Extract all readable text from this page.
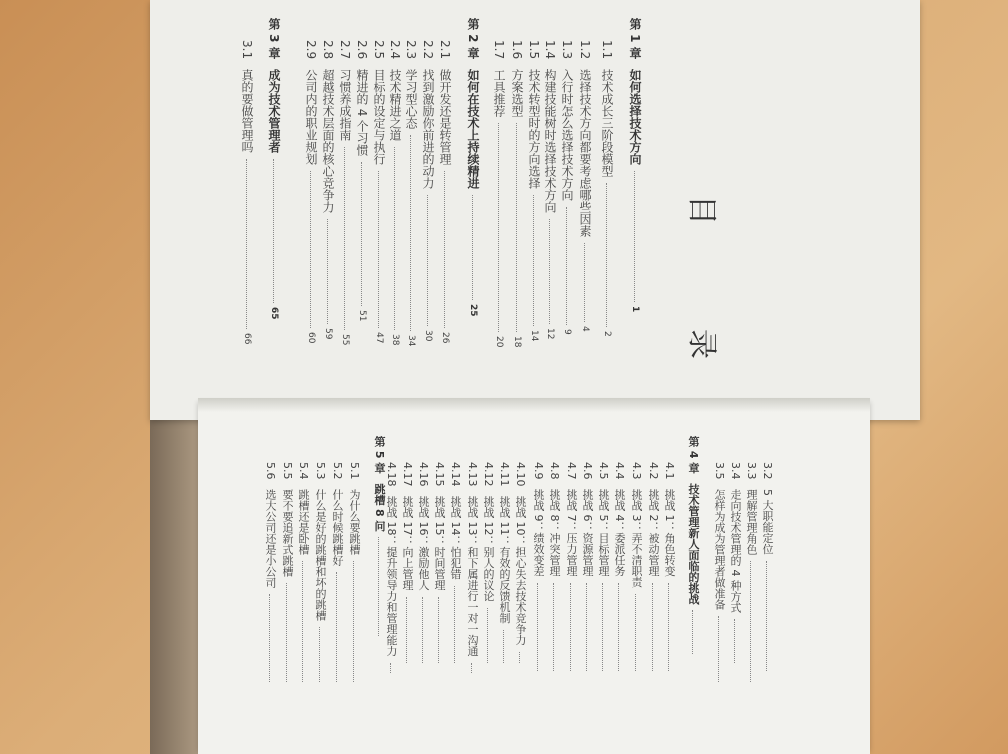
目
录
第 1 章 如何选择技术方向1
1.1 技术成长三阶段模型2
1.2 选择技术方向都要考虑哪些因素4
1.3 入行时怎么选择技术方向9
1.4 构建技能树时选择技术方向12
1.5 技术转型时的方向选择14
1.6 方案选型18
1.7 工具推荐20
第 2 章 如何在技术上持续精进25
2.1 做开发还是转管理26
2.2 找到激励你前进的动力30
2.3 学习型心态34
2.4 技术精进之道38
2.5 目标的设定与执行47
2.6 精进的 4 个习惯51
2.7 习惯养成指南55
2.8 超越技术层面的核心竞争力59
2.9 公司内的职业规划60
第 3 章 成为技术管理者65
3.1 真的要做管理吗66
3.2 5 大职能定位
3.3 理解管理角色
3.4 走向技术管理的 4 种方式
3.5 怎样为成为管理者做准备
第 4 章 技术管理新人面临的挑战
4.1 挑战 1：角色转变
4.2 挑战 2：被动管理
4.3 挑战 3：弄不清职责
4.4 挑战 4：委派任务
4.5 挑战 5：目标管理
4.6 挑战 6：资源管理
4.7 挑战 7：压力管理
4.8 挑战 8：冲突管理
4.9 挑战 9：绩效变差
4.10 挑战 10：担心失去技术竞争力
4.11 挑战 11：有效的反馈机制
4.12 挑战 12：别人的议论
4.13 挑战 13：和下属进行一对一沟通
4.14 挑战 14：怕犯错
4.15 挑战 15：时间管理
4.16 挑战 16：激励他人
4.17 挑战 17：向上管理
4.18 挑战 18：提升领导力和管理能力
第 5 章 跳槽 8 问
5.1 为什么要跳槽
5.2 什么时候跳槽好
5.3 什么是好的跳槽和坏的跳槽
5.4 跳槽还是卧槽
5.5 要不要追新式跳槽
5.6 选大公司还是小公司
